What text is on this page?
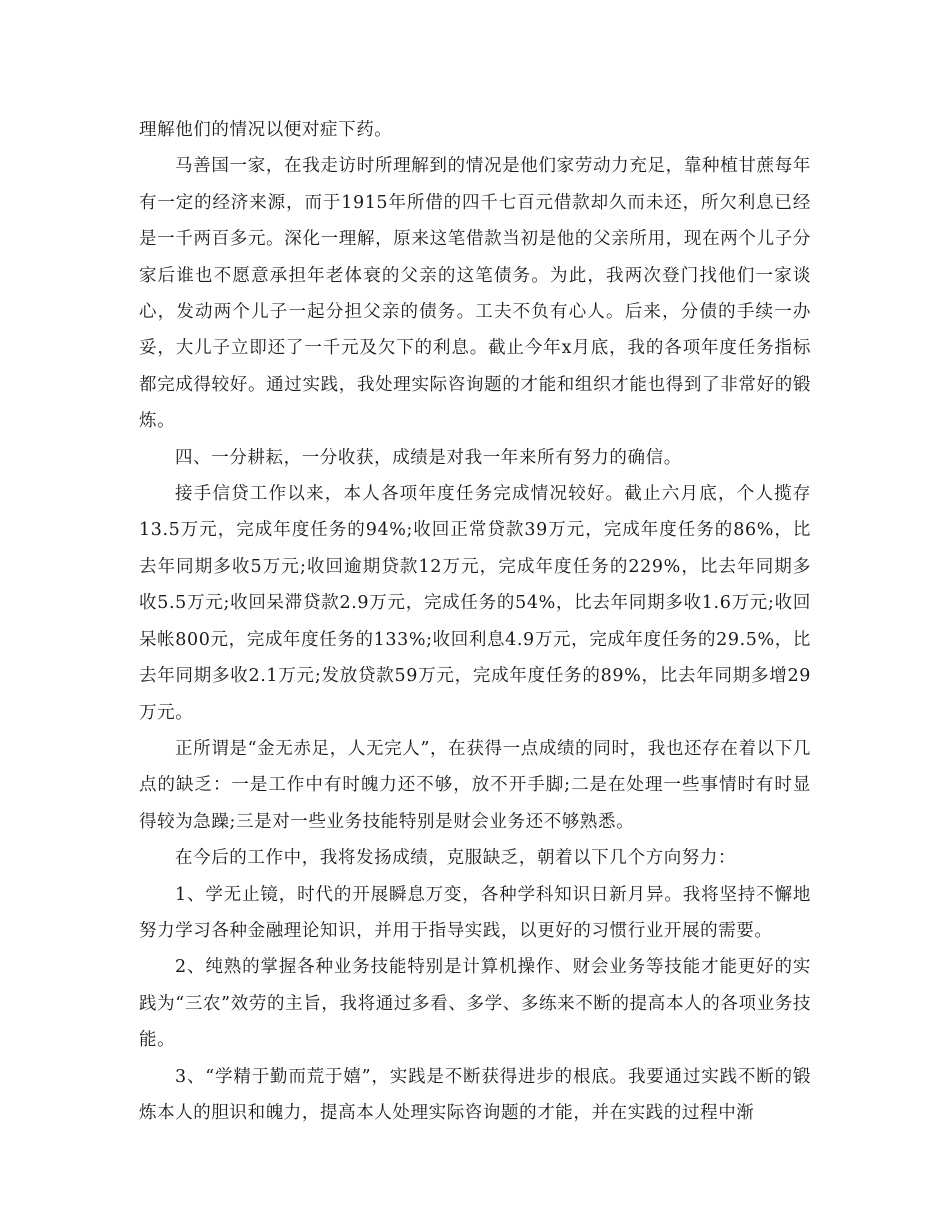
理解他们的情况以便对症下药。

马善国一家，在我走访时所理解到的情况是他们家劳动力充足，靠种植甘蔗每年有一定的经济来源，而于1915年所借的四千七百元借款却久而未还，所欠利息已经是一千两百多元。深化一理解，原来这笔借款当初是他的父亲所用，现在两个儿子分家后谁也不愿意承担年老体衰的父亲的这笔债务。为此，我两次登门找他们一家谈心，发动两个儿子一起分担父亲的债务。工夫不负有心人。后来，分债的手续一办妥，大儿子立即还了一千元及欠下的利息。截止今年x月底，我的各项年度任务指标都完成得较好。通过实践，我处理实际咨询题的才能和组织才能也得到了非常好的锻炼。

四、一分耕耘，一分收获，成绩是对我一年来所有努力的确信。

接手信贷工作以来，本人各项年度任务完成情况较好。截止六月底，个人揽存13.5万元，完成年度任务的94%;收回正常贷款39万元，完成年度任务的86%，比去年同期多收5万元;收回逾期贷款12万元，完成年度任务的229%，比去年同期多收5.5万元;收回呆滞贷款2.9万元，完成任务的54%，比去年同期多收1.6万元;收回呆帐800元，完成年度任务的133%;收回利息4.9万元，完成年度任务的29.5%，比去年同期多收2.1万元;发放贷款59万元，完成年度任务的89%，比去年同期多增29万元。

正所谓是“金无赤足，人无完人”，在获得一点成绩的同时，我也还存在着以下几点的缺乏：一是工作中有时魄力还不够，放不开手脚;二是在处理一些事情时有时显得较为急躁;三是对一些业务技能特别是财会业务还不够熟悉。

在今后的工作中，我将发扬成绩，克服缺乏，朝着以下几个方向努力：

1、学无止镜，时代的开展瞬息万变，各种学科知识日新月异。我将坚持不懈地努力学习各种金融理论知识，并用于指导实践，以更好的习惯行业开展的需要。

2、纯熟的掌握各种业务技能特别是计算机操作、财会业务等技能才能更好的实践为“三农”效劳的主旨，我将通过多看、多学、多练来不断的提高本人的各项业务技能。

3、“学精于勤而荒于嬉”，实践是不断获得进步的根底。我要通过实践不断的锻炼本人的胆识和魄力，提高本人处理实际咨询题的才能，并在实践的过程中渐
